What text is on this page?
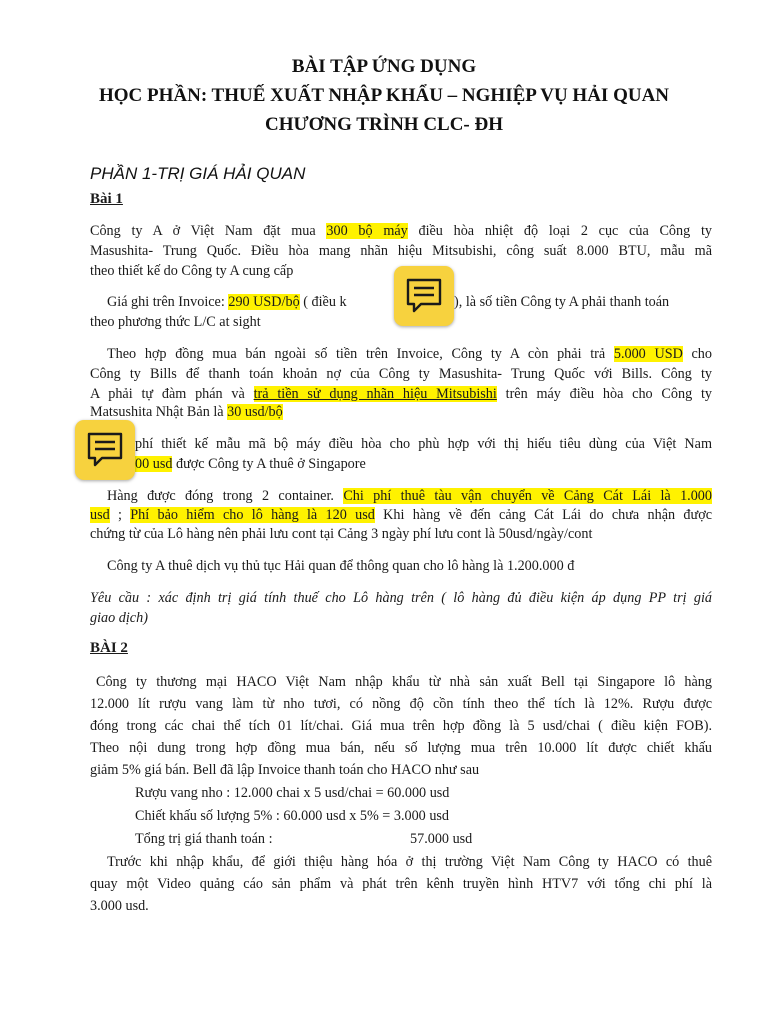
BÀI TẬP ỨNG DỤNG
HỌC PHẦN: THUẾ XUẤT NHẬP KHẨU – NGHIỆP VỤ HẢI QUAN
CHƯƠNG TRÌNH CLC- ĐH
PHẦN 1-TRỊ GIÁ HẢI QUAN
Bài 1
Công ty A ở Việt Nam đặt mua 300 bộ máy điều hòa nhiệt độ loại 2 cục của Công ty
Masushita- Trung Quốc. Điều hòa mang nhãn hiệu Mitsubishi, công suất 8.000 BTU, mẫu mã
theo thiết kế do Công ty A cung cấp
Giá ghi trên Invoice: 290 USD/bộ ( điều k	), là số tiền Công ty A phải thanh toán
theo phương thức L/C at sight
Theo hợp đồng mua bán ngoài số tiền trên Invoice, Công ty A còn phải trả 5.000 USD cho
Công ty Bills để thanh toán khoản nợ của Công ty Masushita- Trung Quốc với Bills. Công ty
A phải tự đàm phán và trả tiền sử dụng nhãn hiệu Mitsubishi trên máy điều hòa cho Công ty
Matsushita Nhật Bản là 30 usd/bộ
phí thiết kế mẫu mã bộ máy điều hòa cho phù hợp với thị hiếu tiêu dùng của Việt Nam
00 usd được Công ty A thuê ở Singapore
Hàng được đóng trong 2 container. Chi phí thuê tàu vận chuyển về Cảng Cát Lái là 1.000
usd ; Phí bảo hiểm cho lô hàng là 120 usd Khi hàng về đến cảng Cát Lái do chưa nhận được
chứng từ của Lô hàng nên phải lưu cont tại Cảng 3 ngày phí lưu cont là 50usd/ngày/cont
Công ty A thuê dịch vụ thủ tục Hải quan để thông quan cho lô hàng là 1.200.000 đ
Yêu cầu : xác định trị giá tính thuế cho Lô hàng trên ( lô hàng đủ điều kiện áp dụng PP trị giá
giao dịch)
BÀI 2
Công ty thương mại HACO Việt Nam nhập khẩu từ nhà sản xuất Bell tại Singapore lô hàng
12.000 lít rượu vang làm từ nho tươi, có nồng độ cồn tính theo thể tích là 12%. Rượu được
đóng trong các chai thể tích 01 lít/chai. Giá mua trên hợp đồng là 5 usd/chai ( điều kiện FOB).
Theo nội dung trong hợp đồng mua bán, nếu số lượng mua trên 10.000 lít được chiết khấu
giảm 5% giá bán. Bell đã lập Invoice thanh toán cho HACO như sau
Rượu vang nho : 12.000 chai x 5 usd/chai = 60.000 usd
Chiết khấu số lượng 5% : 60.000 usd x 5% = 3.000 usd
Tổng trị giá thanh toán :	57.000 usd
Trước khi nhập khẩu, để giới thiệu hàng hóa ở thị trường Việt Nam Công ty HACO có thuê
quay một Video quảng cáo sản phẩm và phát trên kênh truyền hình HTV7 với tổng chi phí là
3.000 usd.
